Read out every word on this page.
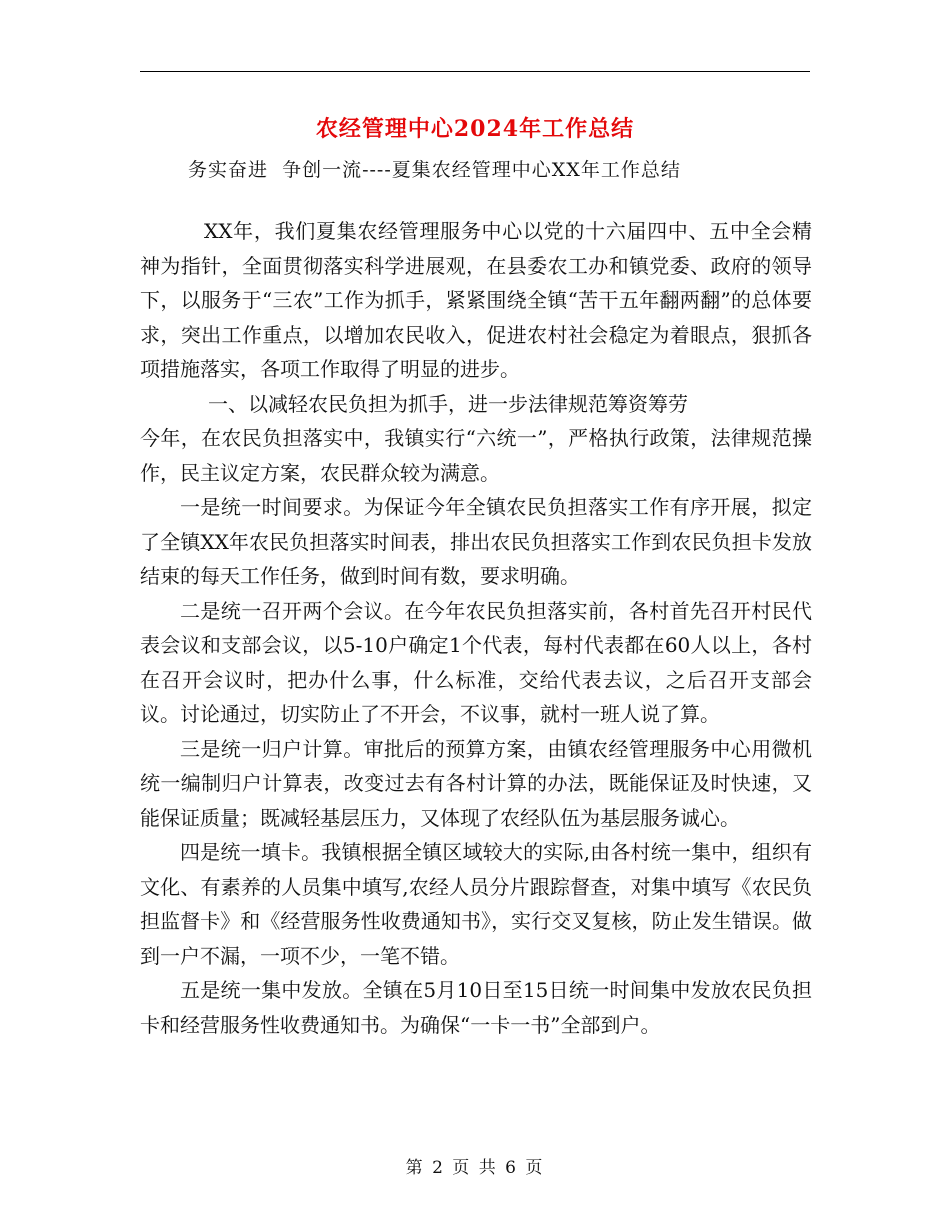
农经管理中心2024年工作总结
务实奋进  争创一流----夏集农经管理中心XX年工作总结

XX年，我们夏集农经管理服务中心以党的十六届四中、五中全会精神为指针，全面贯彻落实科学进展观，在县委农工办和镇党委、政府的领导下，以服务于“三农”工作为抓手，紧紧围绕全镇“苦干五年翻两翻”的总体要求，突出工作重点，以增加农民收入，促进农村社会稳定为着眼点，狠抓各项措施落实，各项工作取得了明显的进步。

一、以减轻农民负担为抓手，进一步法律规范筹资筹劳

今年，在农民负担落实中，我镇实行“六统一”，严格执行政策，法律规范操作，民主议定方案，农民群众较为满意。

一是统一时间要求。为保证今年全镇农民负担落实工作有序开展，拟定了全镇XX年农民负担落实时间表，排出农民负担落实工作到农民负担卡发放结束的每天工作任务，做到时间有数，要求明确。

二是统一召开两个会议。在今年农民负担落实前，各村首先召开村民代表会议和支部会议，以5-10户确定1个代表，每村代表都在60人以上，各村在召开会议时，把办什么事，什么标准，交给代表去议，之后召开支部会议。讨论通过，切实防止了不开会，不议事，就村一班人说了算。

三是统一归户计算。审批后的预算方案，由镇农经管理服务中心用微机统一编制归户计算表，改变过去有各村计算的办法，既能保证及时快速，又能保证质量；既减轻基层压力，又体现了农经队伍为基层服务诚心。

四是统一填卡。我镇根据全镇区域较大的实际,由各村统一集中，组织有文化、有素养的人员集中填写,农经人员分片跟踪督查，对集中填写《农民负担监督卡》和《经营服务性收费通知书》，实行交叉复核，防止发生错误。做到一户不漏，一项不少，一笔不错。

五是统一集中发放。全镇在5月10日至15日统一时间集中发放农民负担卡和经营服务性收费通知书。为确保“一卡一书”全部到户。

第 2 页 共 6 页
